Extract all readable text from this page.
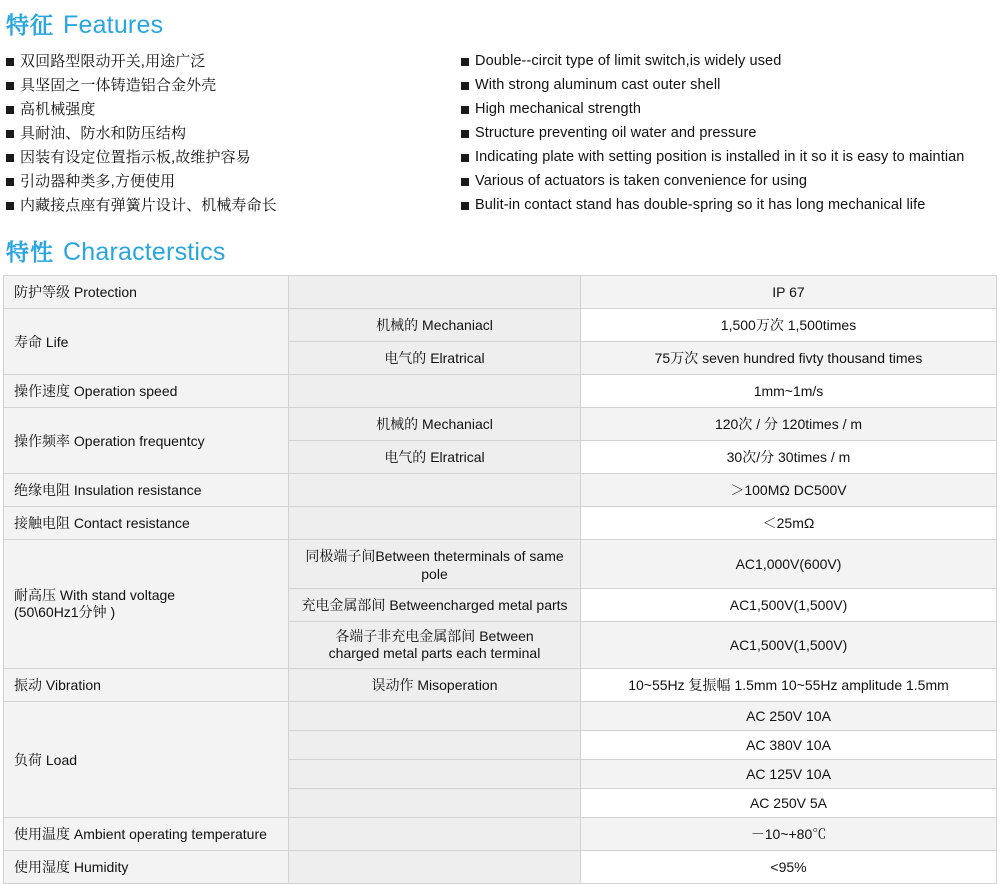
特征 Features
双回路型限动开关,用途广泛
具坚固之一体铸造铝合金外壳
高机械强度
具耐油、防水和防压结构
因装有设定位置指示板,故维护容易
引动器种类多,方便使用
内藏接点座有弹簧片设计、机械寿命长
Double--circit type of limit switch,is widely used
With strong aluminum cast outer shell
High mechanical strength
Structure preventing oil water and pressure
Indicating plate with setting position is installed in it so it is easy to maintian
Various of actuators is taken convenience for using
Bulit-in contact stand has double-spring so it has long mechanical life
特性 Characterstics
防护等级 Protection		IP 67
寿命 Life	机械的 Mechaniacl	1,500万次 1,500times
	电气的 Elratrical	75万次 seven hundred fivty thousand times
操作速度 Operation speed		1mm~1m/s
操作频率 Operation frequentcy	机械的 Mechaniacl	120次 / 分 120times / m
	电气的 Elratrical	30次/分 30times / m
绝缘电阻 Insulation resistance		＞100MΩ DC500V
接触电阻 Contact resistance		＜25mΩ

耐高压 With stand voltage
(50\60Hz1分钟 )	同极端子间Between theterminals of same pole	AC1,000V(600V)
	充电金属部间 Betweencharged metal parts	AC1,500V(1,500V)

	各端子非充电金属部间 Between
charged metal parts each terminal	AC1,500V(1,500V)
振动 Vibration	误动作 Misoperation	10~55Hz 复振幅 1.5mm 10~55Hz amplitude 1.5mm
负荷 Load		AC 250V 10A
		AC 380V 10A
		AC 125V 10A
		AC 250V 5A
使用温度 Ambient operating temperature		－10~+80℃
使用湿度 Humidity		<95%
